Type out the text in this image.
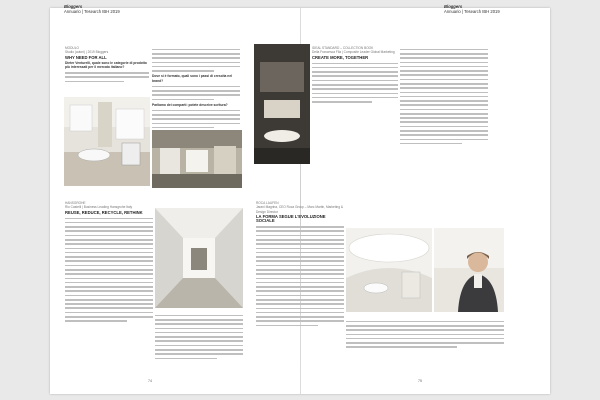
Bloggers
Annuario | Tesearch IBH 2019
Bloggers
Annuario | Tesearch IBH 2019
MODULO
Studio (autori) | 2019 Bloggers
WHY NEED FOR ALL
Dieter Venturelli, quale sono le categorie di prodotto più interessati per il mercato italiano?
Dove si è formato, quali sono i passi di crescita nel brand?
Parliamo dei comparti: potete descrive scritura?
IDEAL STANDARD – COLLECTION BOOK
Della Francesca Fila | Composite Leader Global Marketing
CREATE MORE, TOGETHER
HANSGROHE
Rio Castelli | Business Leading Hansgrohe Italy
REUSE, REDUCE, RECYCLE, RETHINK
ROCA LAUFEN
Jarani Magrina, CEO Roca Group – Marc Martin, Marketing & Design Director
LA FORMA SEGUE L'EVOLUZIONE SOCIALE
74	75
